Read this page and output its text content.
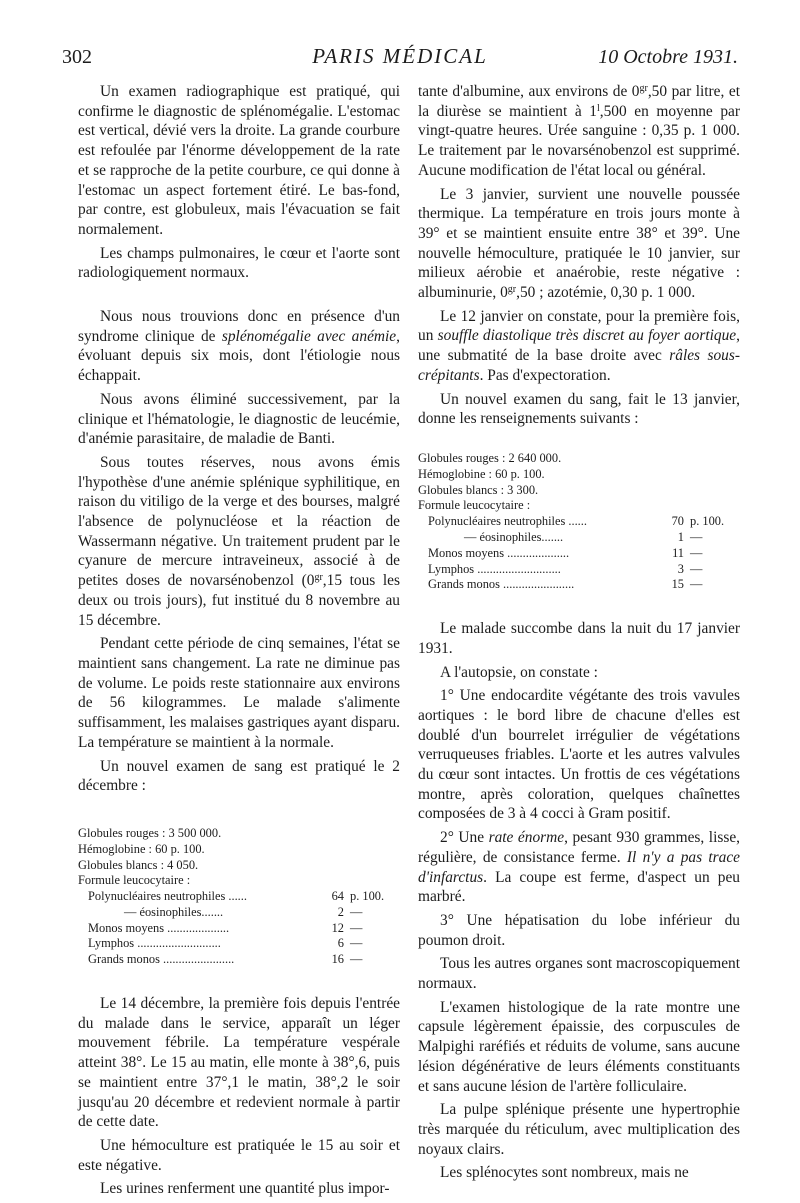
302	PARIS MÉDICAL	10 Octobre 1931.

Un examen radiographique est pratiqué, qui confirme le diagnostic de splénomégalie. L'estomac est vertical, dévié vers la droite. La grande courbure est refoulée par l'énorme développement de la rate et se rapproche de la petite courbure, ce qui donne à l'estomac un aspect fortement étiré. Le bas-fond, par contre, est globuleux, mais l'évacuation se fait normalement.

Les champs pulmonaires, le cœur et l'aorte sont radiologiquement normaux.

Nous nous trouvions donc en présence d'un syndrome clinique de splénomégalie avec anémie, évoluant depuis six mois, dont l'étiologie nous échappait.

Nous avons éliminé successivement, par la clinique et l'hématologie, le diagnostic de leucémie, d'anémie parasitaire, de maladie de Banti.

Sous toutes réserves, nous avons émis l'hypothèse d'une anémie splénique syphilitique, en raison du vitiligo de la verge et des bourses, malgré l'absence de polynucléose et la réaction de Wassermann négative. Un traitement prudent par le cyanure de mercure intraveineux, associé à de petites doses de novarsénobenzol ($0^{gr},15$ tous les deux ou trois jours), fut institué du 8 novembre au 15 décembre.

Pendant cette période de cinq semaines, l'état se maintient sans changement. La rate ne diminue pas de volume. Le poids reste stationnaire aux environs de 56 kilogrammes. Le malade s'alimente suffisamment, les malaises gastriques ayant disparu. La température se maintient à la normale.

Un nouvel examen de sang est pratiqué le 2 décembre :

Globules rouges : 3 500 000.
Hémoglobine : 60 p. 100.
Globules blancs : 4 050.
Formule leucocytaire :
Polynucléaires neutrophiles ......	64 p. 100.
— éosinophiles.......	2 —
Monos moyens ....................	12 —
Lymphos ...........................	6 —
Grands monos .......................	16 —

Le 14 décembre, la première fois depuis l'entrée du malade dans le service, apparaît un léger mouvement fébrile. La température vespérale atteint 38°. Le 15 au matin, elle monte à 38°,6, puis se maintient entre 37°,1 le matin, 38°,2 le soir jusqu'au 20 décembre et redevient normale à partir de cette date.

Une hémoculture est pratiquée le 15 au soir et este négative.

Les urines renferment une quantité plus impor-

tante d'albumine, aux environs de $0^{gr},50$ par litre, et la diurèse se maintient à 1$^l$,500 en moyenne par vingt-quatre heures. Urée sanguine : 0,35 p. 1 000. Le traitement par le novarsénobenzol est supprimé. Aucune modification de l'état local ou général.

Le 3 janvier, survient une nouvelle poussée thermique. La température en trois jours monte à 39° et se maintient ensuite entre 38° et 39°. Une nouvelle hémoculture, pratiquée le 10 janvier, sur milieux aérobie et anaérobie, reste négative : albuminurie, $0^{gr},50$ ; azotémie, 0,30 p. 1 000.

Le 12 janvier on constate, pour la première fois, un souffle diastolique très discret au foyer aortique, une submatité de la base droite avec râles sous-crépitants. Pas d'expectoration.

Un nouvel examen du sang, fait le 13 janvier, donne les renseignements suivants :

Globules rouges : 2 640 000.
Hémoglobine : 60 p. 100.
Globules blancs : 3 300.
Formule leucocytaire :
Polynucléaires neutrophiles ......	70 p. 100.
— éosinophiles.......	1 —
Monos moyens ....................	11 —
Lymphos ...........................	3 —
Grands monos .......................	15 —

Le malade succombe dans la nuit du 17 janvier 1931.

A l'autopsie, on constate :

1° Une endocardite végétante des trois vavules aortiques : le bord libre de chacune d'elles est doublé d'un bourrelet irrégulier de végétations verruqueuses friables. L'aorte et les autres valvules du cœur sont intactes. Un frottis de ces végétations montre, après coloration, quelques chaînettes composées de 3 à 4 cocci à Gram positif.

2° Une rate énorme, pesant 930 grammes, lisse, régulière, de consistance ferme. Il n'y a pas trace d'infarctus. La coupe est ferme, d'aspect un peu marbré.

3° Une hépatisation du lobe inférieur du poumon droit.

Tous les autres organes sont macroscopiquement normaux.

L'examen histologique de la rate montre une capsule légèrement épaissie, des corpuscules de Malpighi raréfiés et réduits de volume, sans aucune lésion dégénérative de leurs éléments constituants et sans aucune lésion de l'artère folliculaire.

La pulpe splénique présente une hypertrophie très marquée du réticulum, avec multiplication des noyaux clairs.

Les splénocytes sont nombreux, mais ne
